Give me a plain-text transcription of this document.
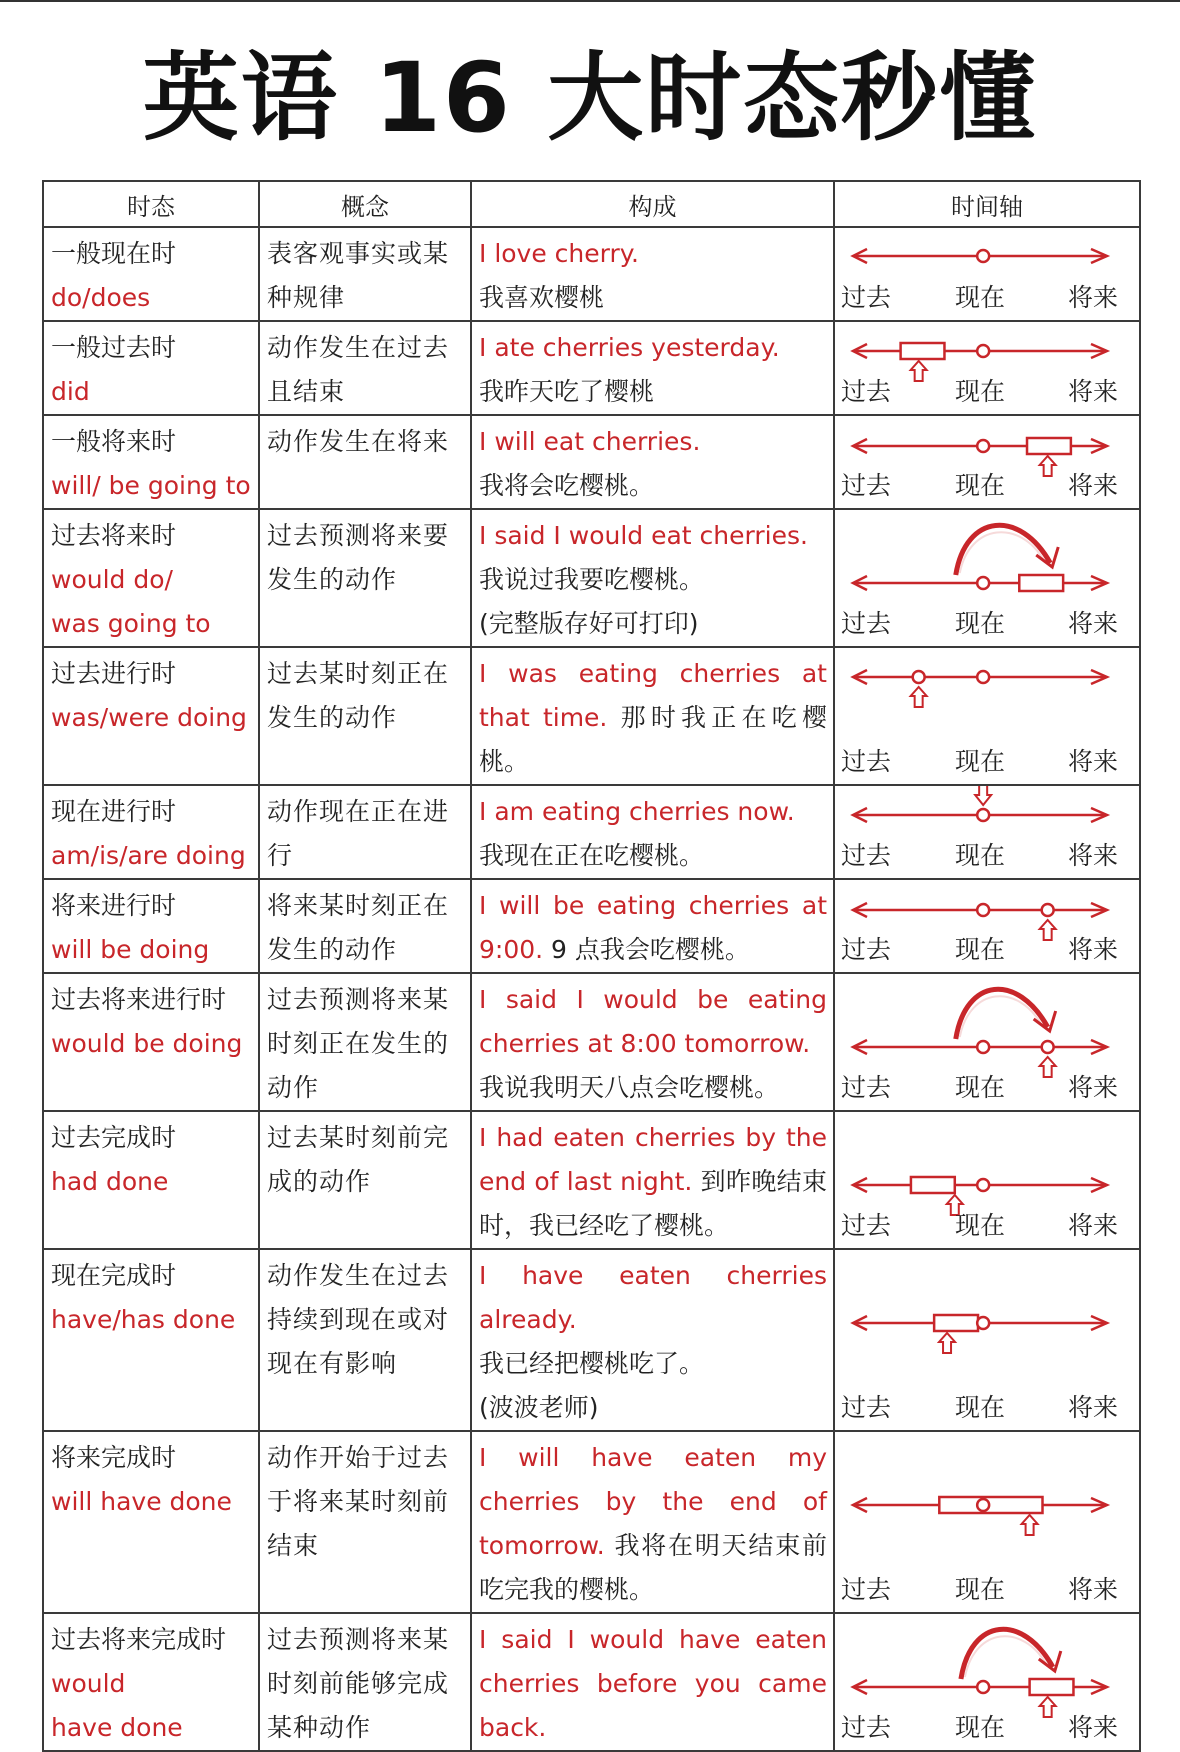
英语 16 大时态秒懂
时态	概念	构成	时间轴

一般现在时
do/does	表客观事实或某种规律	I love cherry.
我喜欢樱桃	过去 现在 将来

一般过去时
did	动作发生在过去且结束	I ate cherries yesterday.
我昨天吃了樱桃	过去 现在 将来

一般将来时
will/ be going to	动作发生在将来	I will eat cherries.
我将会吃樱桃。	过去 现在 将来

过去将来时
would do/
was going to	过去预测将来要发生的动作	I said I would eat cherries.
我说过我要吃樱桃。
(完整版存好可打印)	过去 现在 将来

过去进行时
was/were doing	过去某时刻正在发生的动作	I was eating cherries at that time. 那时我正在吃樱桃。	过去 现在 将来

现在进行时
am/is/are doing	动作现在正在进行	I am eating cherries now.
我现在正在吃樱桃。	过去 现在 将来

将来进行时
will be doing	将来某时刻正在发生的动作	I will be eating cherries at 9:00. 9 点我会吃樱桃。	过去 现在 将来

过去将来进行时
would be doing	过去预测将来某时刻正在发生的动作	I said I would be eating cherries at 8:00 tomorrow.
我说我明天八点会吃樱桃。	过去 现在 将来

过去完成时
had done	过去某时刻前完成的动作	I had eaten cherries by the end of last night. 到昨晚结束时，我已经吃了樱桃。	过去 现在 将来

现在完成时
have/has done	动作发生在过去持续到现在或对现在有影响	I have eaten cherries already.
我已经把樱桃吃了。
(波波老师)	过去 现在 将来

将来完成时
will have done	动作开始于过去于将来某时刻前结束	I will have eaten my cherries by the end of tomorrow. 我将在明天结束前吃完我的樱桃。	过去 现在 将来

过去将来完成时
would
have done	过去预测将来某时刻前能够完成某种动作	I said I would have eaten cherries before you came back.	过去 现在 将来
